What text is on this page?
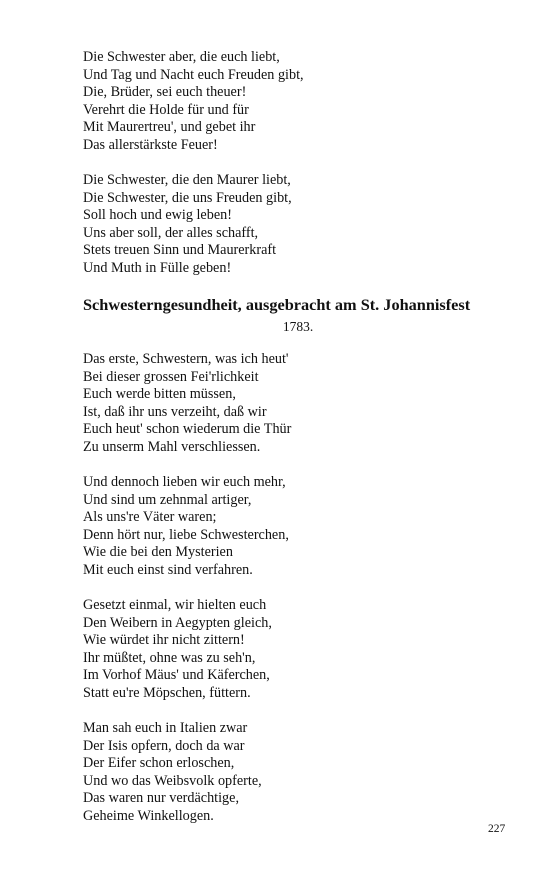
Die Schwester aber, die euch liebt,
Und Tag und Nacht euch Freuden gibt,
Die, Brüder, sei euch theuer!
Verehrt die Holde für und für
Mit Maurertreu', und gebet ihr
Das allerstärkste Feuer!
Die Schwester, die den Maurer liebt,
Die Schwester, die uns Freuden gibt,
Soll hoch und ewig leben!
Uns aber soll, der alles schafft,
Stets treuen Sinn und Maurerkraft
Und Muth in Fülle geben!
Schwesterngesundheit, ausgebracht am St. Johannisfest
1783.
Das erste, Schwestern, was ich heut'
Bei dieser grossen Fei'rlichkeit
Euch werde bitten müssen,
Ist, daß ihr uns verzeiht, daß wir
Euch heut' schon wiederum die Thür
Zu unserm Mahl verschliessen.
Und dennoch lieben wir euch mehr,
Und sind um zehnmal artiger,
Als uns're Väter waren;
Denn hört nur, liebe Schwesterchen,
Wie die bei den Mysterien
Mit euch einst sind verfahren.
Gesetzt einmal, wir hielten euch
Den Weibern in Aegypten gleich,
Wie würdet ihr nicht zittern!
Ihr müßtet, ohne was zu seh'n,
Im Vorhof Mäus' und Käferchen,
Statt eu're Möpschen, füttern.
Man sah euch in Italien zwar
Der Isis opfern, doch da war
Der Eifer schon erloschen,
Und wo das Weibsvolk opferte,
Das waren nur verdächtige,
Geheime Winkellogen.
227
